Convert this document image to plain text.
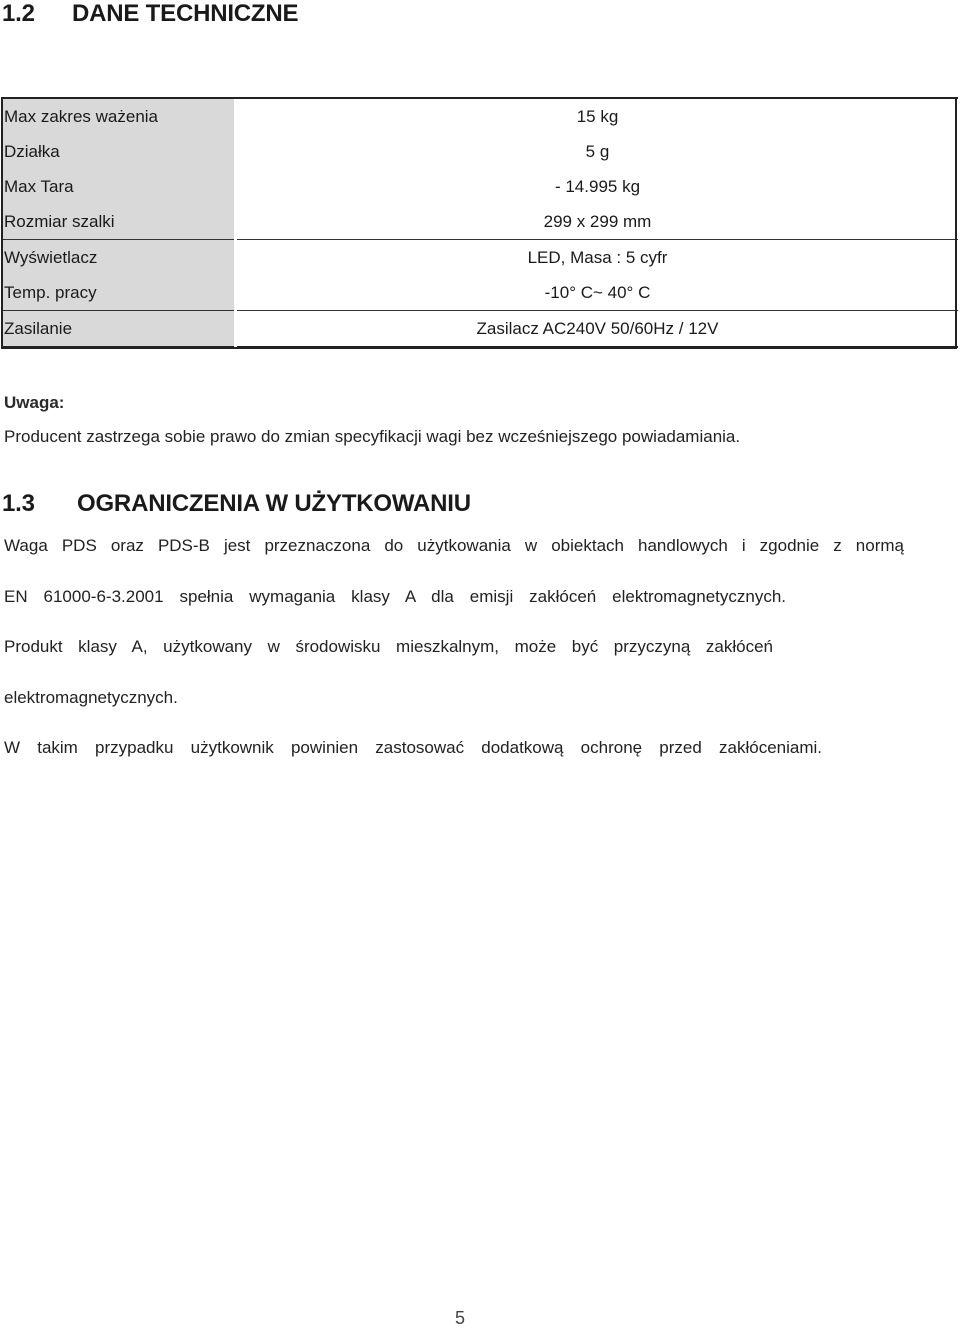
1.2 DANE TECHNICZNE
Max zakres ważenia	15 kg
Działka	5 g
Max Tara	- 14.995 kg
Rozmiar szalki	299 x 299 mm
Wyświetlacz	LED, Masa : 5 cyfr
Temp. pracy	-10° C~ 40° C
Zasilanie	Zasilacz AC240V 50/60Hz / 12V
Uwaga:
Producent zastrzega sobie prawo do zmian specyfikacji wagi bez wcześniejszego powiadamiania.
1.3 OGRANICZENIA W UŻYTKOWANIU
Waga PDS oraz PDS-B jest przeznaczona do użytkowania w obiektach handlowych i zgodnie z normą
EN 61000-6-3.2001 spełnia wymagania klasy A dla emisji zakłóceń elektromagnetycznych.
Produkt klasy A, użytkowany w środowisku mieszkalnym, może być przyczyną zakłóceń
elektromagnetycznych.
W takim przypadku użytkownik powinien zastosować dodatkową ochronę przed zakłóceniami.
5
